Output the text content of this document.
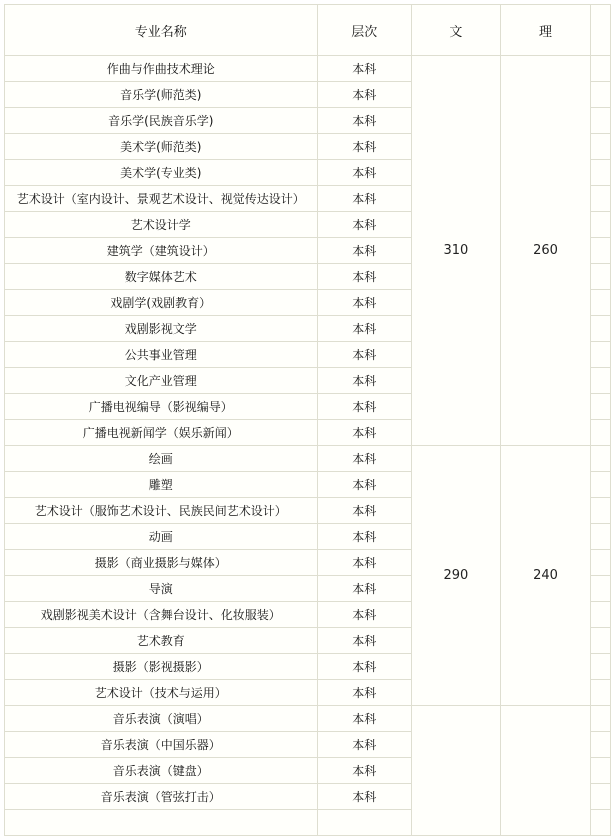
专业名称	层次	文	理	
作曲与作曲技术理论	本科	310	260	
音乐学(师范类)	本科			
音乐学(民族音乐学)	本科			
美术学(师范类)	本科			
美术学(专业类)	本科			
艺术设计（室内设计、景观艺术设计、视觉传达设计）	本科			
艺术设计学	本科			
建筑学（建筑设计）	本科			
数字媒体艺术	本科			
戏剧学(戏剧教育）	本科			
戏剧影视文学	本科			
公共事业管理	本科			
文化产业管理	本科			
广播电视编导（影视编导）	本科			
广播电视新闻学（娱乐新闻）	本科			
绘画	本科	290	240	
雕塑	本科			
艺术设计（服饰艺术设计、民族民间艺术设计）	本科			
动画	本科			
摄影（商业摄影与媒体）	本科			
导演	本科			
戏剧影视美术设计（含舞台设计、化妆服装）	本科			
艺术教育	本科			
摄影（影视摄影）	本科			
艺术设计（技术与运用）	本科			
音乐表演（演唱）	本科			
音乐表演（中国乐器）	本科			
音乐表演（键盘）	本科			
音乐表演（管弦打击）	本科			
